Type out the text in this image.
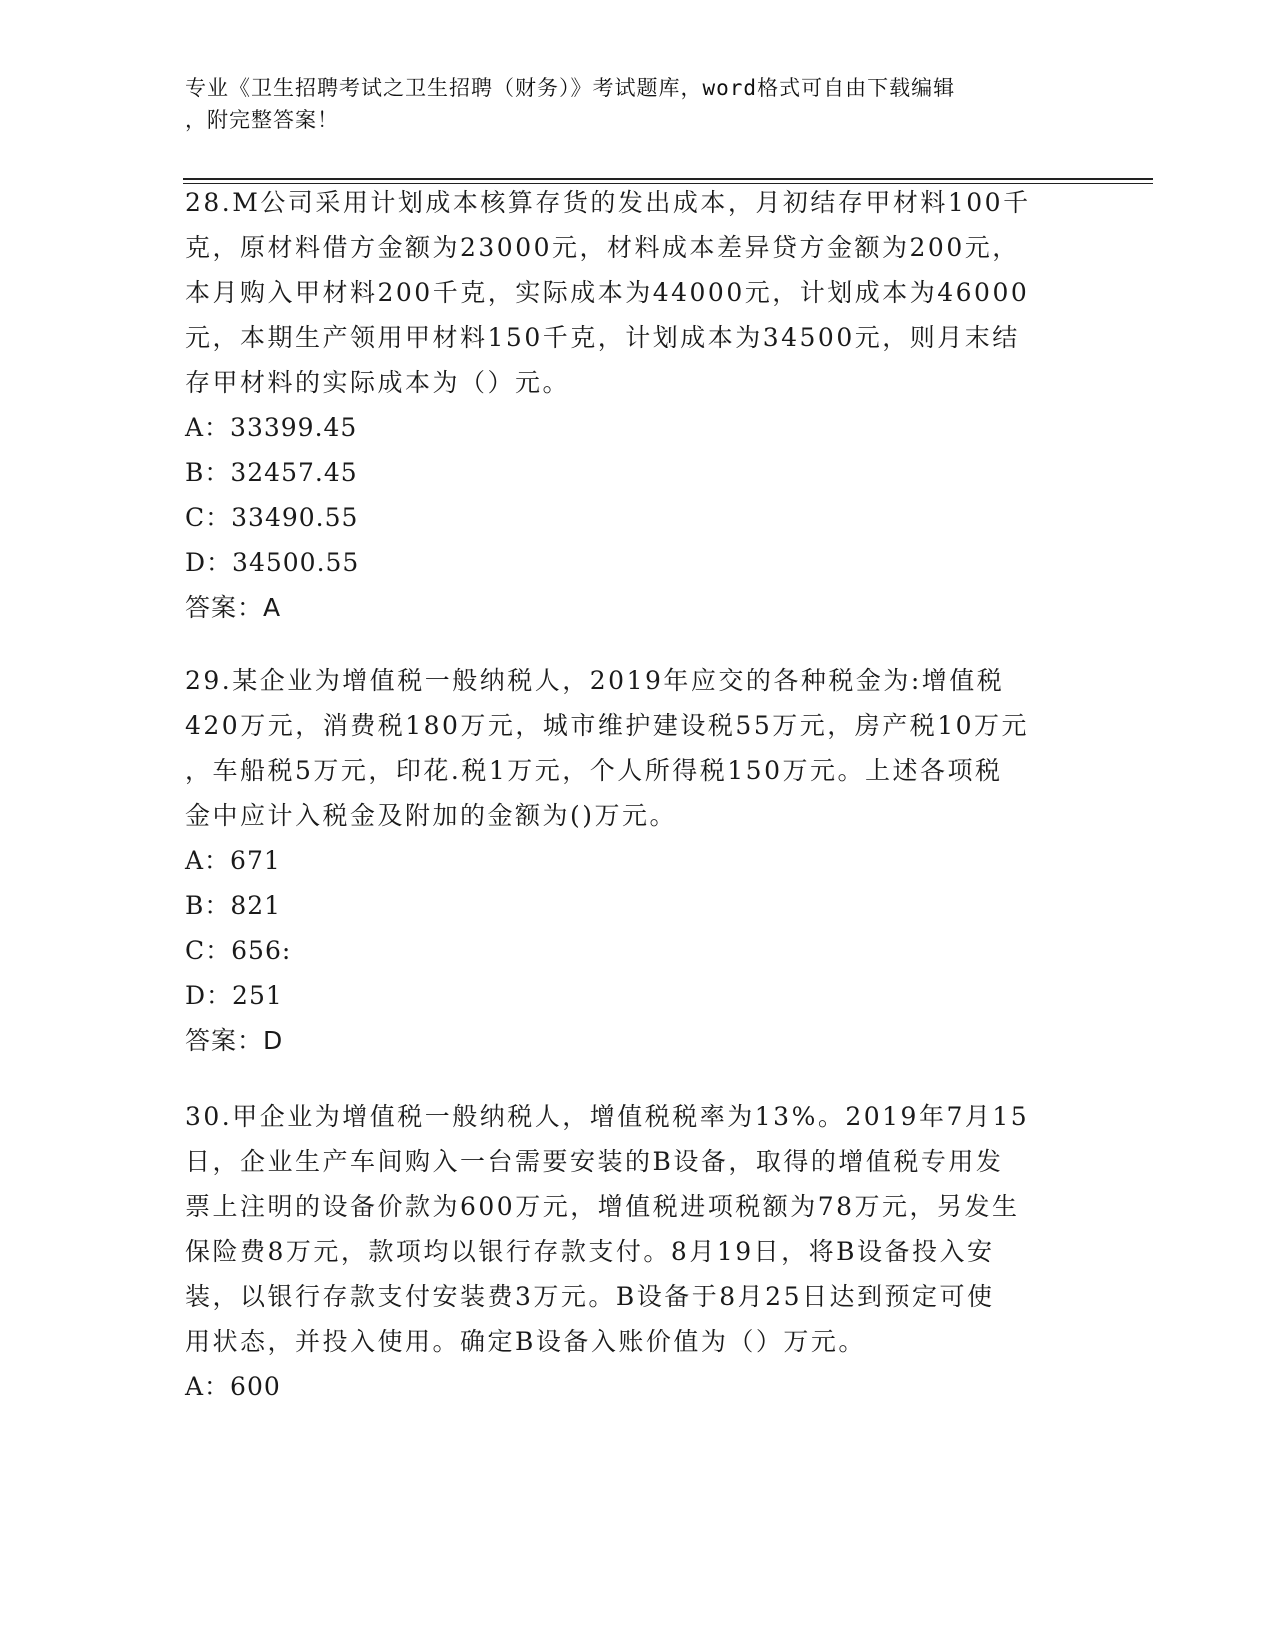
专业《卫生招聘考试之卫生招聘（财务）》考试题库，word格式可自由下载编辑
，附完整答案！

28.M公司采用计划成本核算存货的发出成本，月初结存甲材料100千

克，原材料借方金额为23000元，材料成本差异贷方金额为200元，

本月购入甲材料200千克，实际成本为44000元，计划成本为46000

元，本期生产领用甲材料150千克，计划成本为34500元，则月末结

存甲材料的实际成本为（）元。

A：33399.45

B：32457.45

C：33490.55

D：34500.55

答案：A

29.某企业为增值税一般纳税人，2019年应交的各种税金为:增值税

420万元，消费税180万元，城市维护建设税55万元，房产税10万元

，车船税5万元，印花.税1万元，个人所得税150万元。上述各项税

金中应计入税金及附加的金额为()万元。

A：671

B：821

C：656:

D：251

答案：D

30.甲企业为增值税一般纳税人，增值税税率为13%。2019年7月15

日，企业生产车间购入一台需要安装的B设备，取得的增值税专用发

票上注明的设备价款为600万元，增值税进项税额为78万元，另发生

保险费8万元，款项均以银行存款支付。8月19日，将B设备投入安

装，以银行存款支付安装费3万元。B设备于8月25日达到预定可使

用状态，并投入使用。确定B设备入账价值为（）万元。

A：600
